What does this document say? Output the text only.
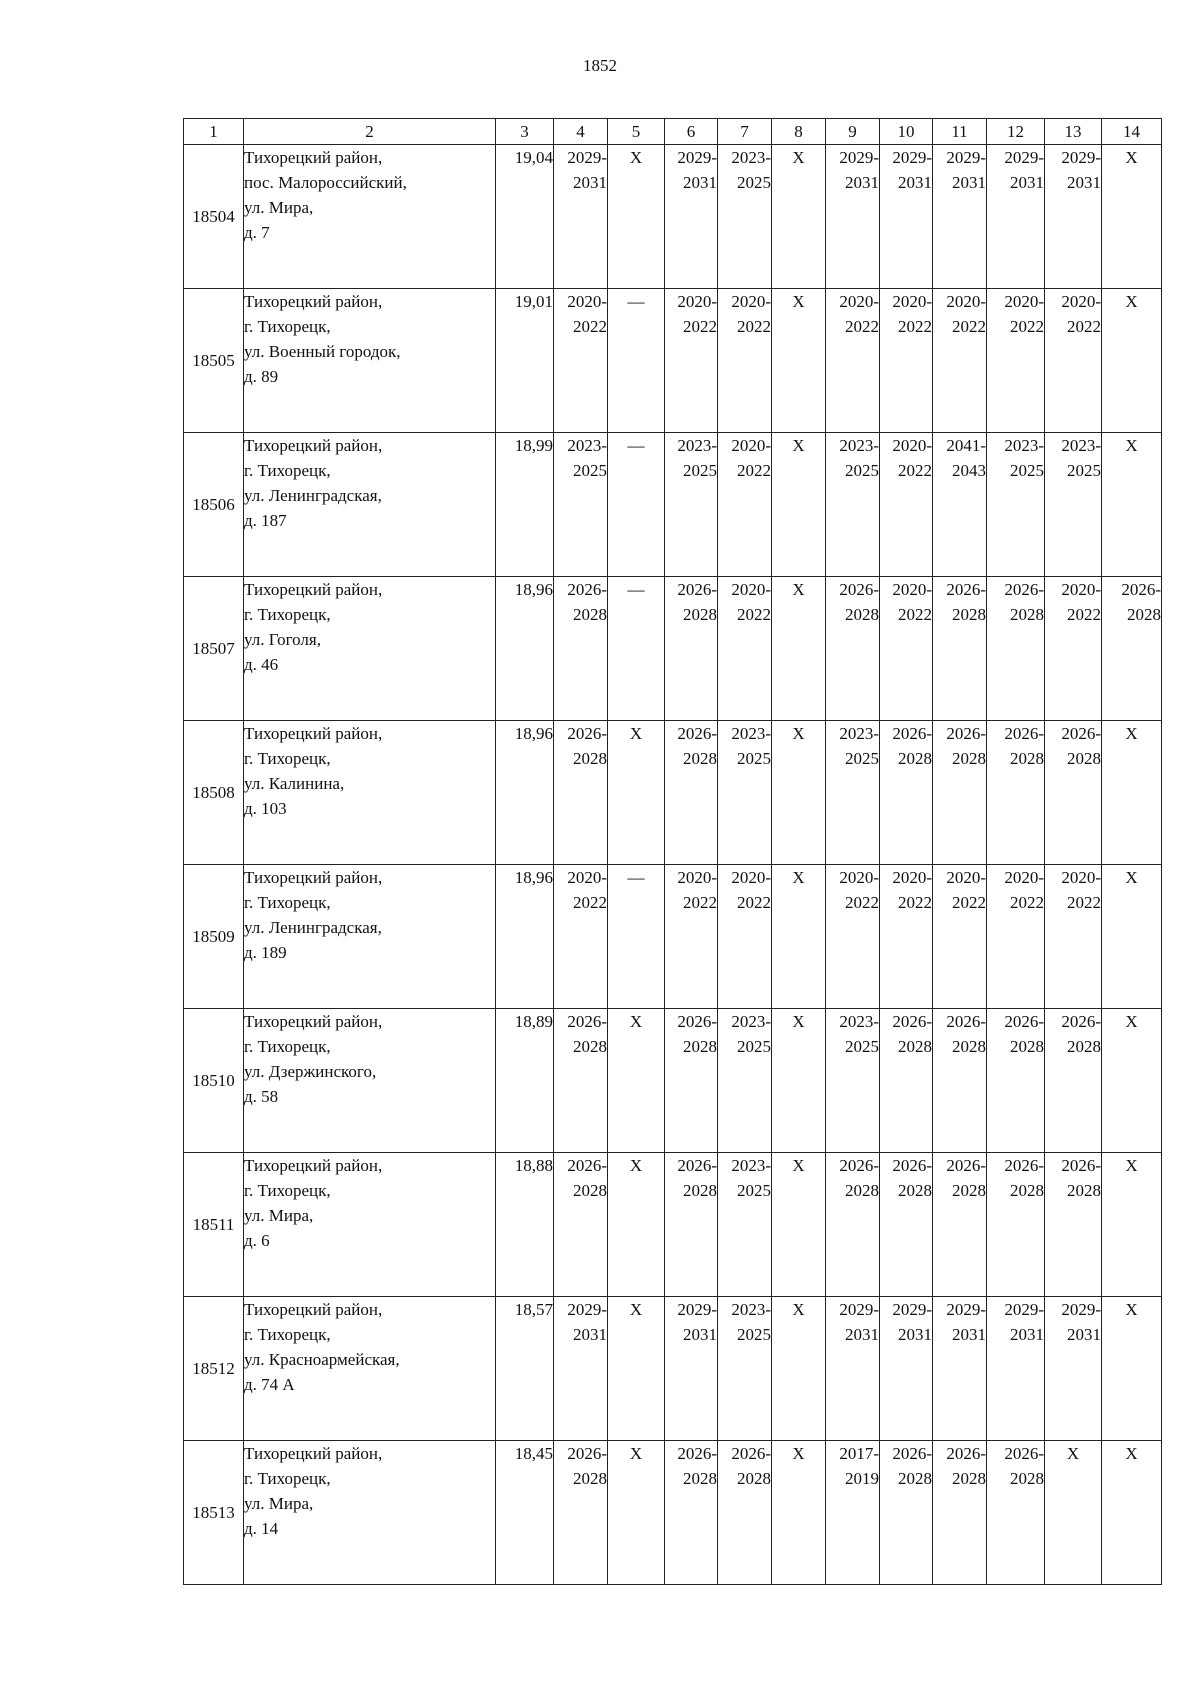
1852
1	2	3	4	5	6	7	8	9	10	11	12	13	14
18504	Тихорецкий район,
пос. Малороссийский,
ул. Мира,
д. 7	19,04	2029-
2031	Х	2029-
2031	2023-
2025	Х	2029-
2031	2029-
2031	2029-
2031	2029-
2031	2029-
2031	Х
18505	Тихорецкий район,
г. Тихорецк,
ул. Военный городок,
д. 89	19,01	2020-
2022	—	2020-
2022	2020-
2022	Х	2020-
2022	2020-
2022	2020-
2022	2020-
2022	2020-
2022	Х
18506	Тихорецкий район,
г. Тихорецк,
ул. Ленинградская,
д. 187	18,99	2023-
2025	—	2023-
2025	2020-
2022	Х	2023-
2025	2020-
2022	2041-
2043	2023-
2025	2023-
2025	Х
18507	Тихорецкий район,
г. Тихорецк,
ул. Гоголя,
д. 46	18,96	2026-
2028	—	2026-
2028	2020-
2022	Х	2026-
2028	2020-
2022	2026-
2028	2026-
2028	2020-
2022	2026-
2028
18508	Тихорецкий район,
г. Тихорецк,
ул. Калинина,
д. 103	18,96	2026-
2028	Х	2026-
2028	2023-
2025	Х	2023-
2025	2026-
2028	2026-
2028	2026-
2028	2026-
2028	Х
18509	Тихорецкий район,
г. Тихорецк,
ул. Ленинградская,
д. 189	18,96	2020-
2022	—	2020-
2022	2020-
2022	Х	2020-
2022	2020-
2022	2020-
2022	2020-
2022	2020-
2022	Х
18510	Тихорецкий район,
г. Тихорецк,
ул. Дзержинского,
д. 58	18,89	2026-
2028	Х	2026-
2028	2023-
2025	Х	2023-
2025	2026-
2028	2026-
2028	2026-
2028	2026-
2028	Х
18511	Тихорецкий район,
г. Тихорецк,
ул. Мира,
д. 6	18,88	2026-
2028	Х	2026-
2028	2023-
2025	Х	2026-
2028	2026-
2028	2026-
2028	2026-
2028	2026-
2028	Х
18512	Тихорецкий район,
г. Тихорецк,
ул. Красноармейская,
д. 74 А	18,57	2029-
2031	Х	2029-
2031	2023-
2025	Х	2029-
2031	2029-
2031	2029-
2031	2029-
2031	2029-
2031	Х
18513	Тихорецкий район,
г. Тихорецк,
ул. Мира,
д. 14	18,45	2026-
2028	Х	2026-
2028	2026-
2028	Х	2017-
2019	2026-
2028	2026-
2028	2026-
2028	Х	Х
